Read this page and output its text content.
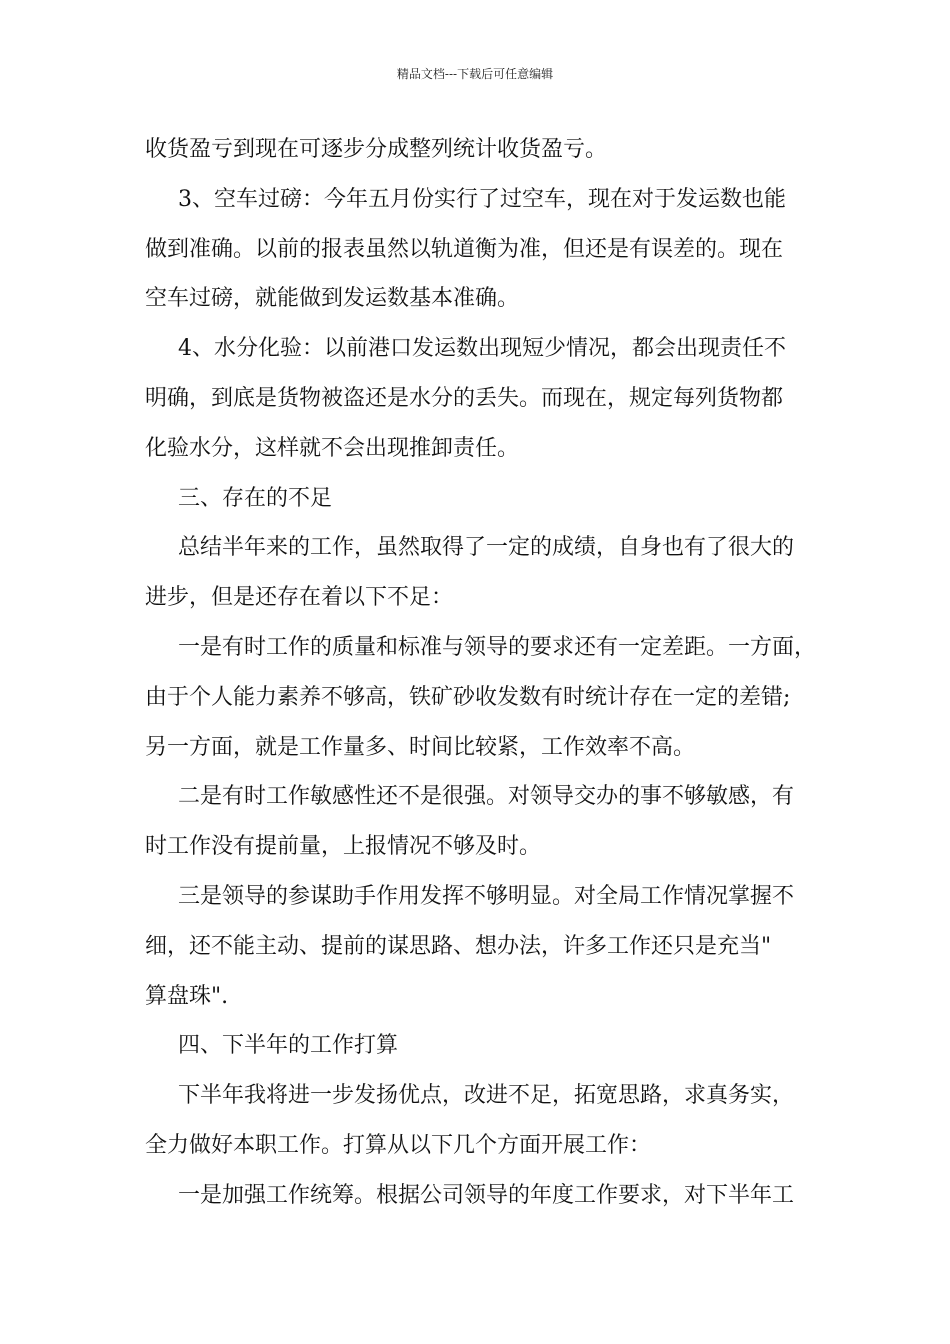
精品文档---下载后可任意编辑
收货盈亏到现在可逐步分成整列统计收货盈亏。
3、空车过磅：今年五月份实行了过空车，现在对于发运数也能
做到准确。以前的报表虽然以轨道衡为准，但还是有误差的。现在
空车过磅，就能做到发运数基本准确。
4、水分化验：以前港口发运数出现短少情况，都会出现责任不
明确，到底是货物被盗还是水分的丢失。而现在，规定每列货物都
化验水分，这样就不会出现推卸责任。
三、存在的不足
总结半年来的工作，虽然取得了一定的成绩，自身也有了很大的
进步，但是还存在着以下不足：
一是有时工作的质量和标准与领导的要求还有一定差距。一方面，
由于个人能力素养不够高，铁矿砂收发数有时统计存在一定的差错;
另一方面，就是工作量多、时间比较紧，工作效率不高。
二是有时工作敏感性还不是很强。对领导交办的事不够敏感，有
时工作没有提前量，上报情况不够及时。
三是领导的参谋助手作用发挥不够明显。对全局工作情况掌握不
细，还不能主动、提前的谋思路、想办法，许多工作还只是充当"
算盘珠".
四、下半年的工作打算
下半年我将进一步发扬优点，改进不足，拓宽思路，求真务实，
全力做好本职工作。打算从以下几个方面开展工作：
一是加强工作统筹。根据公司领导的年度工作要求，对下半年工
